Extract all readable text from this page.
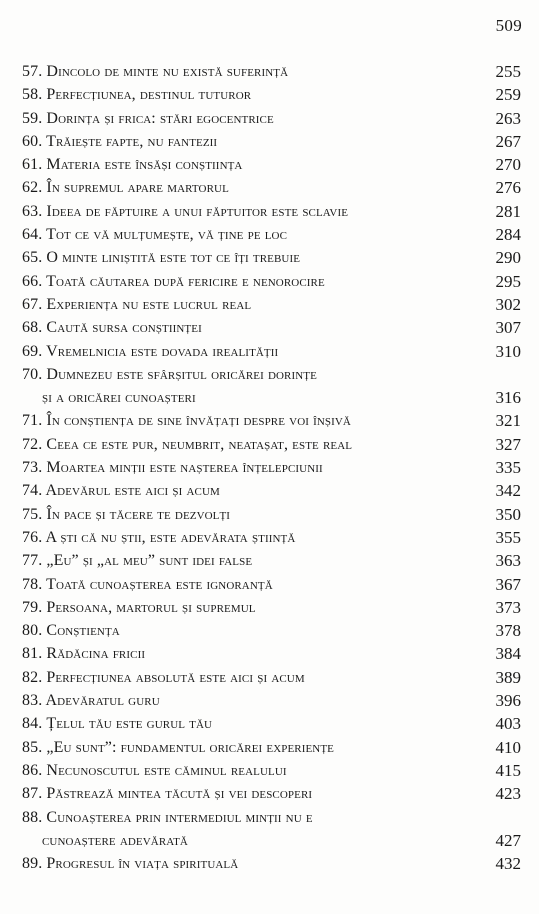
509
57. Dincolo de minte nu există suferință	255
58. Perfecțiunea, destinul tuturor	259
59. Dorința și frica: stări egocentrice	263
60. Trăiește fapte, nu fantezii	267
61. Materia este însăși conștiința	270
62. În supremul apare martorul	276
63. Ideea de făptuire a unui făptuitor este sclavie	281
64. Tot ce vă mulțumește, vă ține pe loc	284
65. O minte liniștită este tot ce îți trebuie	290
66. Toată căutarea după fericire e nenorocire	295
67. Experiența nu este lucrul real	302
68. Caută sursa conștiinței	307
69. Vremelnicia este dovada irealității	310
70. Dumnezeu este sfârșitul oricărei dorințe
și a oricărei cunoașteri	316
71. În conștiența de sine învățați despre voi înșivă	321
72. Ceea ce este pur, neumbrit, neatașat, este real	327
73. Moartea minții este nașterea înțelepciunii	335
74. Adevărul este aici și acum	342
75. În pace și tăcere te dezvolți	350
76. A ști că nu știi, este adevărata știință	355
77. „Eu” și „al meu” sunt idei false	363
78. Toată cunoașterea este ignoranță	367
79. Persoana, martorul și supremul	373
80. Conștiența	378
81. Rădăcina fricii	384
82. Perfecțiunea absolută este aici și acum	389
83. Adevăratul guru	396
84. Țelul tău este gurul tău	403
85. „Eu sunt”: fundamentul oricărei experiențe	410
86. Necunoscutul este căminul realului	415
87. Păstrează mintea tăcută și vei descoperi	423
88. Cunoașterea prin intermediul minții nu e
cunoaștere adevărată	427
89. Progresul în viața spirituală	432
